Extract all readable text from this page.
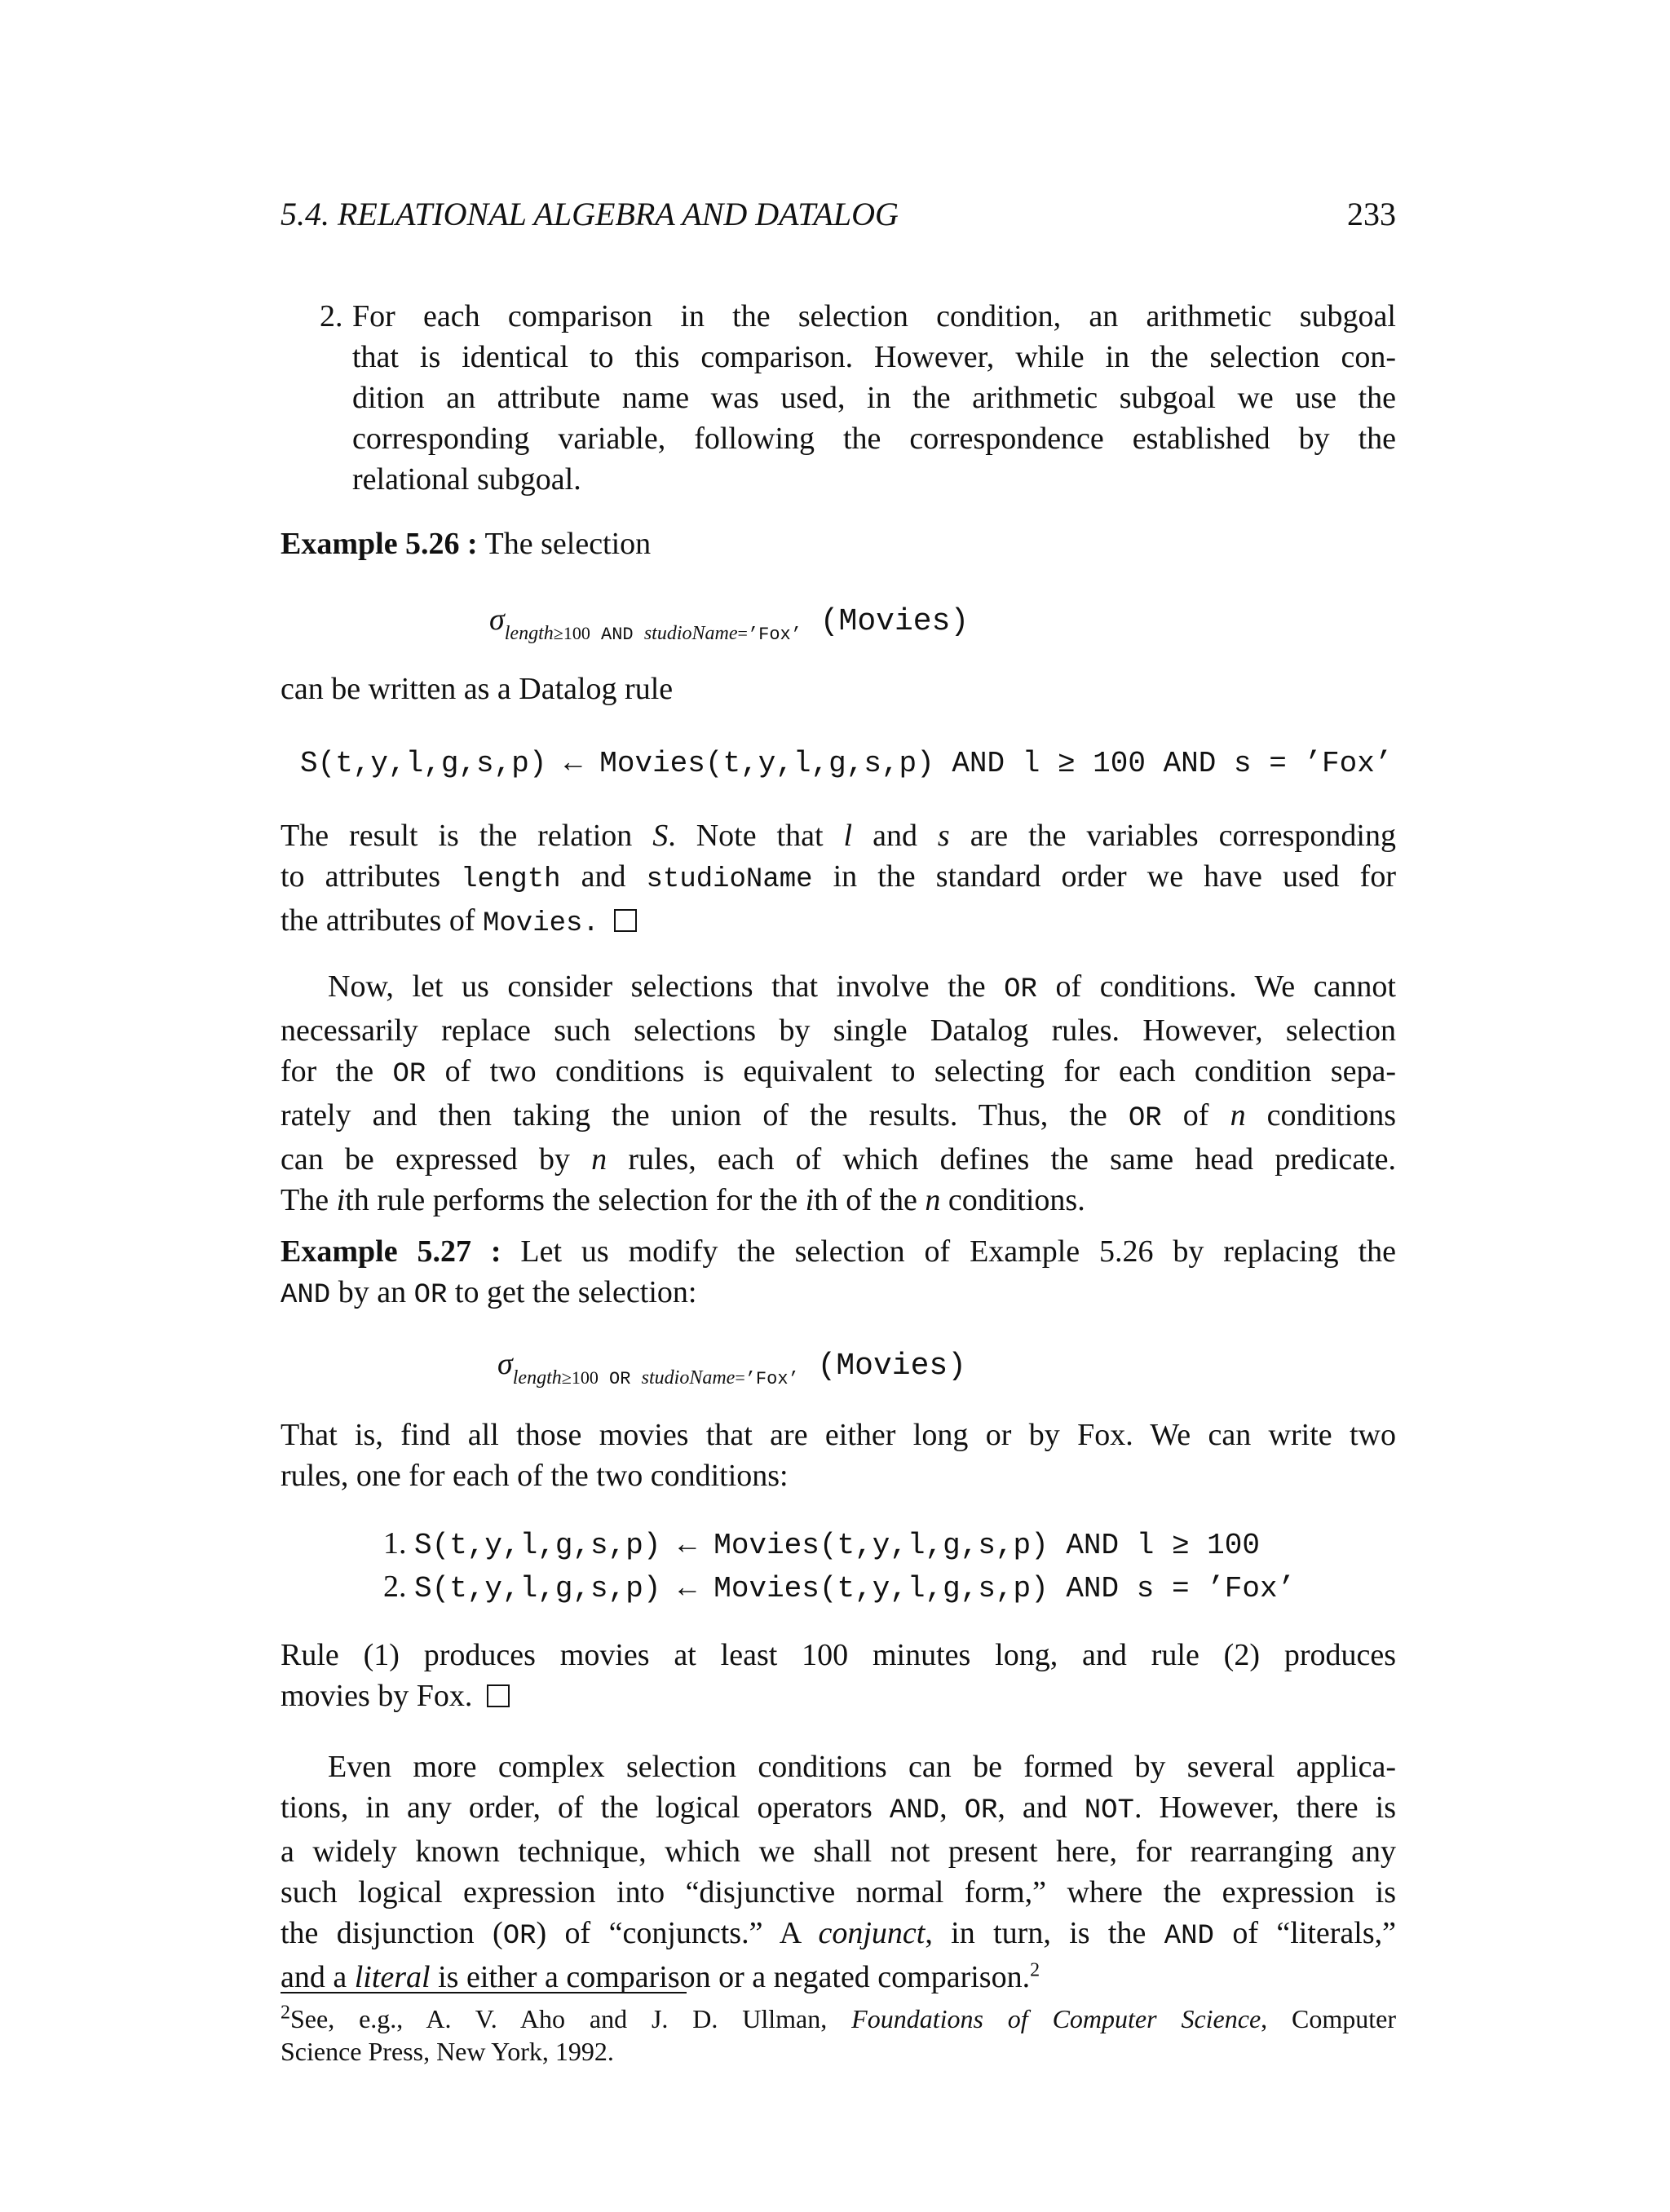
5.4. RELATIONAL ALGEBRA AND DATALOG	233
2. For each comparison in the selection condition, an arithmetic subgoal
that is identical to this comparison. However, while in the selection con-
dition an attribute name was used, in the arithmetic subgoal we use the
corresponding variable, following the correspondence established by the
relational subgoal.
Example 5.26 : The selection
$\sigma_{length\ge 100 AND studioName=’Fox’}$ (Movies)
can be written as a Datalog rule
S(t,y,l,g,s,p) ← Movies(t,y,l,g,s,p) AND l ≥ 100 AND s = ’Fox’
The result is the relation S. Note that l and s are the variables corresponding
to attributes length and studioName in the standard order we have used for
the attributes of Movies.
Now, let us consider selections that involve the OR of conditions. We cannot
necessarily replace such selections by single Datalog rules. However, selection
for the OR of two conditions is equivalent to selecting for each condition sepa-
rately and then taking the union of the results. Thus, the OR of n conditions
can be expressed by n rules, each of which defines the same head predicate.
The ith rule performs the selection for the ith of the n conditions.
Example 5.27 : Let us modify the selection of Example 5.26 by replacing the
AND by an OR to get the selection:
$\sigma_{length\ge 100 OR studioName=’Fox’}$ (Movies)
That is, find all those movies that are either long or by Fox. We can write two
rules, one for each of the two conditions:
1. S(t,y,l,g,s,p) ← Movies(t,y,l,g,s,p) AND l ≥ 100
2. S(t,y,l,g,s,p) ← Movies(t,y,l,g,s,p) AND s = ’Fox’
Rule (1) produces movies at least 100 minutes long, and rule (2) produces
movies by Fox.
Even more complex selection conditions can be formed by several applica-
tions, in any order, of the logical operators AND, OR, and NOT. However, there is
a widely known technique, which we shall not present here, for rearranging any
such logical expression into “disjunctive normal form,” where the expression is
the disjunction (OR) of “conjuncts.” A conjunct, in turn, is the AND of “literals,”
and a literal is either a comparison or a negated comparison.$^2$
$^2$See, e.g., A. V. Aho and J. D. Ullman, Foundations of Computer Science, Computer
Science Press, New York, 1992.
